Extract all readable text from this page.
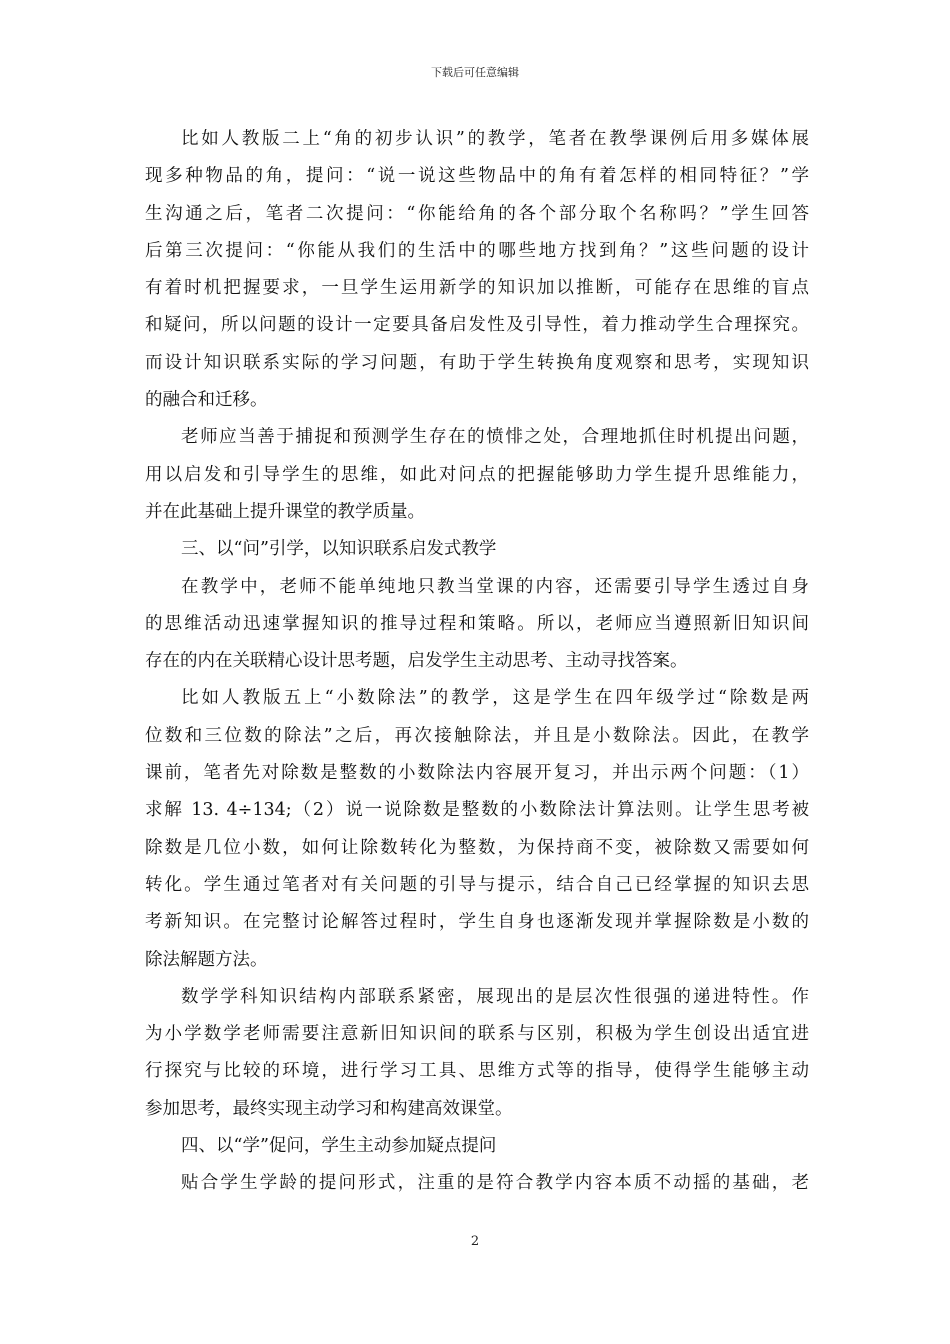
下载后可任意编辑
比如人教版二上“角的初步认识”的教学，笔者在教學课例后用多媒体展
现多种物品的角，提问：“说一说这些物品中的角有着怎样的相同特征？”学
生沟通之后，笔者二次提问：“你能给角的各个部分取个名称吗？”学生回答
后第三次提问：“你能从我们的生活中的哪些地方找到角？”这些问题的设计
有着时机把握要求，一旦学生运用新学的知识加以推断，可能存在思维的盲点
和疑问，所以问题的设计一定要具备启发性及引导性，着力推动学生合理探究。
而设计知识联系实际的学习问题，有助于学生转换角度观察和思考，实现知识
的融合和迁移。
老师应当善于捕捉和预测学生存在的愤悱之处，合理地抓住时机提出问题，
用以启发和引导学生的思维，如此对问点的把握能够助力学生提升思维能力，
并在此基础上提升课堂的教学质量。
三、以“问”引学，以知识联系启发式教学
在教学中，老师不能单纯地只教当堂课的内容，还需要引导学生透过自身
的思维活动迅速掌握知识的推导过程和策略。所以，老师应当遵照新旧知识间
存在的内在关联精心设计思考题，启发学生主动思考、主动寻找答案。
比如人教版五上“小数除法”的教学，这是学生在四年级学过“除数是两
位数和三位数的除法”之后，再次接触除法，并且是小数除法。因此，在教学
课前，笔者先对除数是整数的小数除法内容展开复习，并出示两个问题：（1）
求解 13. 4÷134;（2）说一说除数是整数的小数除法计算法则。让学生思考被
除数是几位小数，如何让除数转化为整数，为保持商不变，被除数又需要如何
转化。学生通过笔者对有关问题的引导与提示，结合自己已经掌握的知识去思
考新知识。在完整讨论解答过程时，学生自身也逐渐发现并掌握除数是小数的
除法解题方法。
数学学科知识结构内部联系紧密，展现出的是层次性很强的递进特性。作
为小学数学老师需要注意新旧知识间的联系与区别，积极为学生创设出适宜进
行探究与比较的环境，进行学习工具、思维方式等的指导，使得学生能够主动
参加思考，最终实现主动学习和构建高效课堂。
四、以“学”促问，学生主动参加疑点提问
贴合学生学龄的提问形式，注重的是符合教学内容本质不动摇的基础，老
2
